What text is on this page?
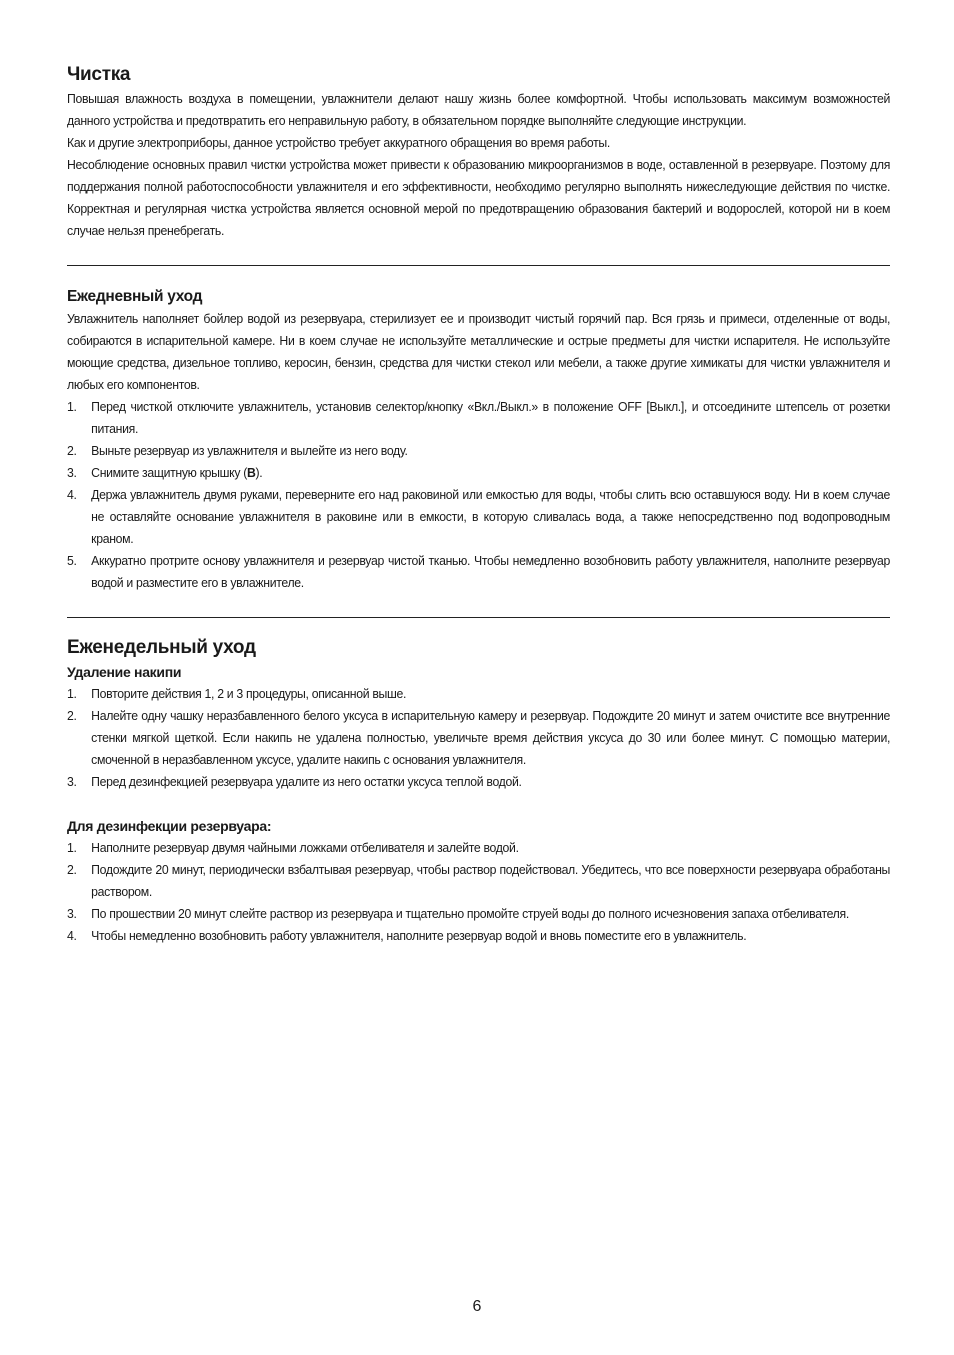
Чистка

Повышая влажность воздуха в помещении, увлажнители делают нашу жизнь более комфортной. Чтобы использовать максимум возможностей данного устройства и предотвратить его неправильную работу, в обязательном порядке выполняйте следующие инструкции.

Как и другие электроприборы, данное устройство требует аккуратного обращения во время работы.

Несоблюдение основных правил чистки устройства может привести к образованию микроорганизмов в воде, оставленной в резервуаре. Поэтому для поддержания полной работоспособности увлажнителя и его эффективности, необходимо регулярно выполнять нижеследующие действия по чистке. Корректная и регулярная чистка устройства является основной мерой по предотвращению образования бактерий и водорослей, которой ни в коем случае нельзя пренебрегать.

Ежедневный уход

Увлажнитель наполняет бойлер водой из резервуара, стерилизует ее и производит чистый горячий пар. Вся грязь и примеси, отделенные от воды, собираются в испарительной камере. Ни в коем случае не используйте металлические и острые предметы для чистки испарителя. Не используйте моющие средства, дизельное топливо, керосин, бензин, средства для чистки стекол или мебели, а также другие химикаты для чистки увлажнителя и любых его компонентов.

1. Перед чисткой отключите увлажнитель, установив селектор/кнопку «Вкл./Выкл.» в положение OFF [Выкл.], и отсоедините штепсель от розетки питания.
2. Выньте резервуар из увлажнителя и вылейте из него воду.
3. Снимите защитную крышку (B).
4. Держа увлажнитель двумя руками, переверните его над раковиной или емкостью для воды, чтобы слить всю оставшуюся воду. Ни в коем случае не оставляйте основание увлажнителя в раковине или в емкости, в которую сливалась вода, а также непосредственно под водопроводным краном.
5. Аккуратно протрите основу увлажнителя и резервуар чистой тканью. Чтобы немедленно возобновить работу увлажнителя, наполните резервуар водой и разместите его в увлажнителе.
Еженедельный уход
Удаление накипи
1. Повторите действия 1, 2 и 3 процедуры, описанной выше.
2. Налейте одну чашку неразбавленного белого уксуса в испарительную камеру и резервуар. Подождите 20 минут и затем очистите все внутренние стенки мягкой щеткой. Если накипь не удалена полностью, увеличьте время действия уксуса до 30 или более минут. С помощью материи, смоченной в неразбавленном уксусе, удалите накипь с основания увлажнителя.
3. Перед дезинфекцией резервуара удалите из него остатки уксуса теплой водой.
Для дезинфекции резервуара:
1. Наполните резервуар двумя чайными ложками отбеливателя и залейте водой.
2. Подождите 20 минут, периодически взбалтывая резервуар, чтобы раствор подействовал. Убедитесь, что все поверхности резервуара обработаны раствором.
3. По прошествии 20 минут слейте раствор из резервуара и тщательно промойте струей воды до полного исчезновения запаха отбеливателя.
4. Чтобы немедленно возобновить работу увлажнителя, наполните резервуар водой и вновь поместите его в увлажнитель.
6
